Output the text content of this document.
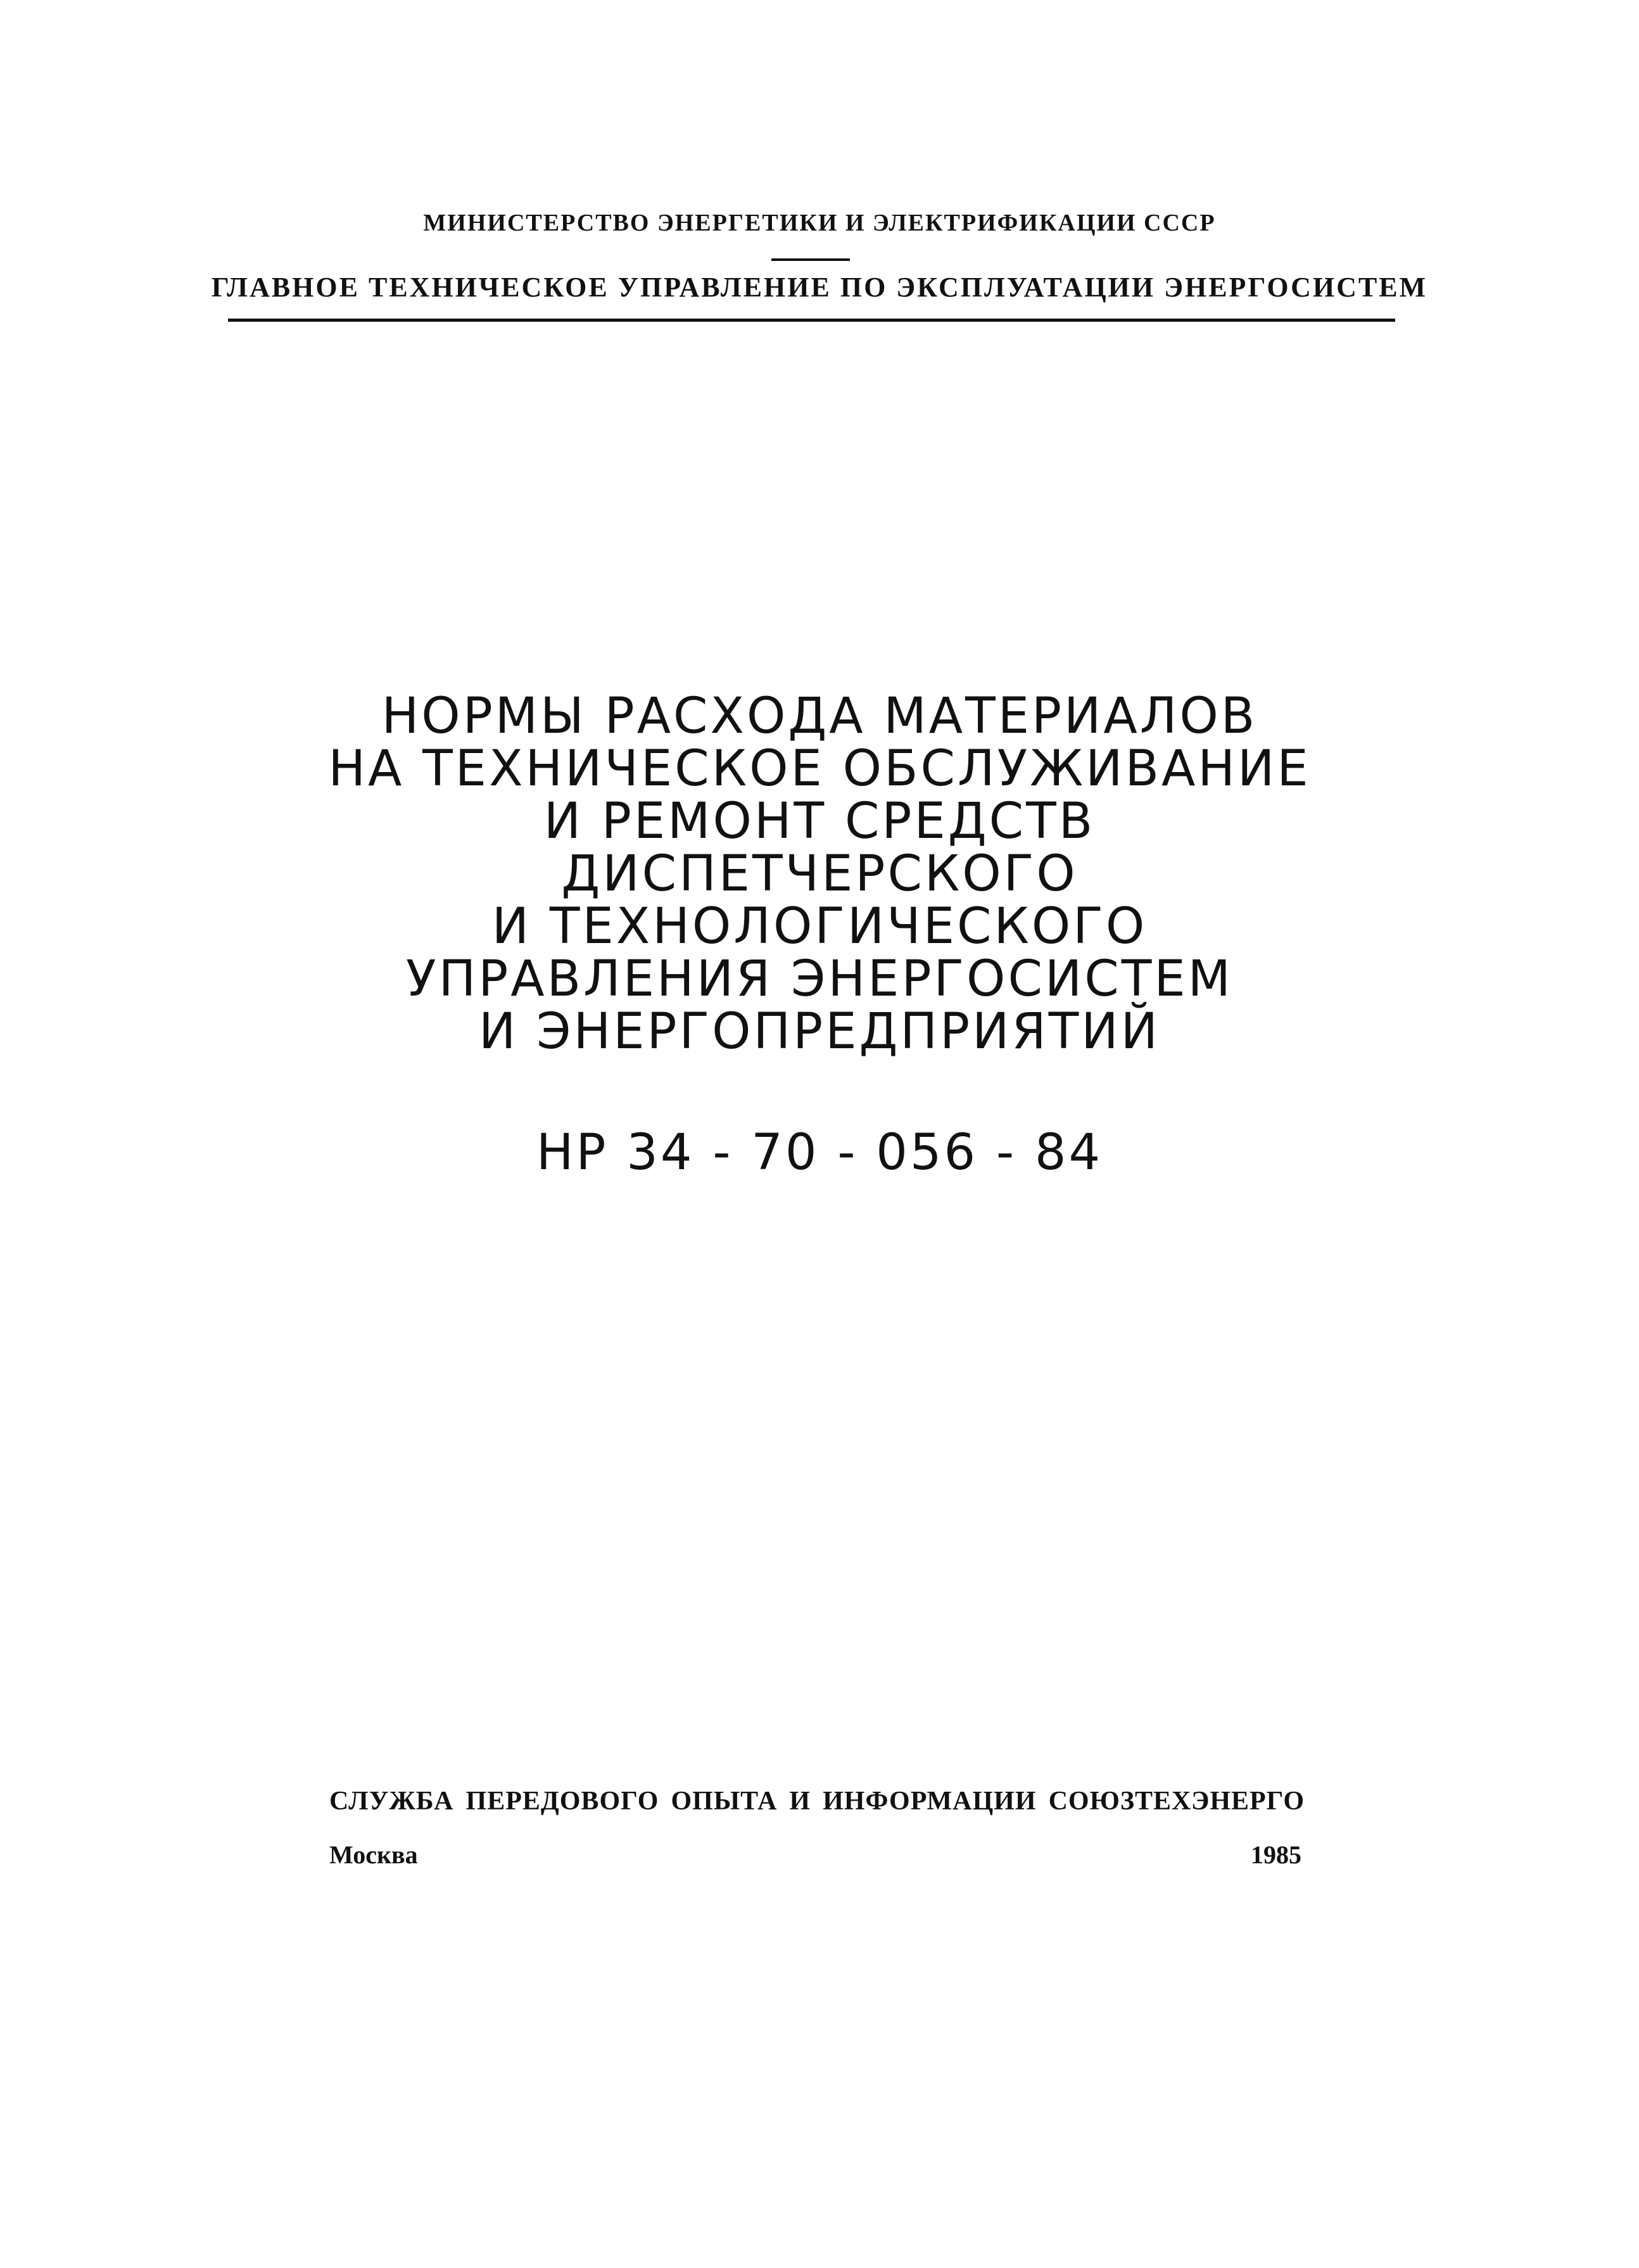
МИНИСТЕРСТВО ЭНЕРГЕТИКИ И ЭЛЕКТРИФИКАЦИИ СССР
ГЛАВНОЕ ТЕХНИЧЕСКОЕ УПРАВЛЕНИЕ ПО ЭКСПЛУАТАЦИИ ЭНЕРГОСИСТЕМ
НОРМЫ РАСХОДА МАТЕРИАЛОВ
НА ТЕХНИЧЕСКОЕ ОБСЛУЖИВАНИЕ
И РЕМОНТ СРЕДСТВ
ДИСПЕТЧЕРСКОГО
И ТЕХНОЛОГИЧЕСКОГО
УПРАВЛЕНИЯ ЭНЕРГОСИСТЕМ
И ЭНЕРГОПРЕДПРИЯТИЙ
НР 34 - 70 - 056 - 84
СЛУЖБА ПЕРЕДОВОГО ОПЫТА И ИНФОРМАЦИИ СОЮЗТЕХЭНЕРГО
Москва	1985
